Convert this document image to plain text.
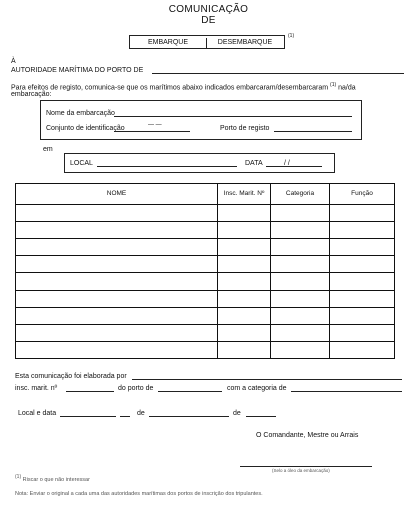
COMUNICAÇÃO
DE
EMBARQUE	DESEMBARQUE
(1)
À
AUTORIDADE MARÍTIMA DO PORTO DE
Para efeitos de registo, comunica-se que os marítimos abaixo indicados embarcaram/desembarcaram $^{(1)}$ na/da
embarcação:
Nome da embarcação
Conjunto de identificação	— —	Porto de registo
em
LOCAL	DATA	/ /
NOME	Insc. Marit. Nº	Categoria	Função

Esta comunicação foi elaborada por
insc. marit. nº	do porto de	com a categoria de
Local e data	de	de
O Comandante, Mestre ou Arrais
(Selo a óleo da embarcação)
(1) Riscar o que não interessar
Nota: Enviar o original a cada uma das autoridades marítimas dos portos de inscrição dos tripulantes.
